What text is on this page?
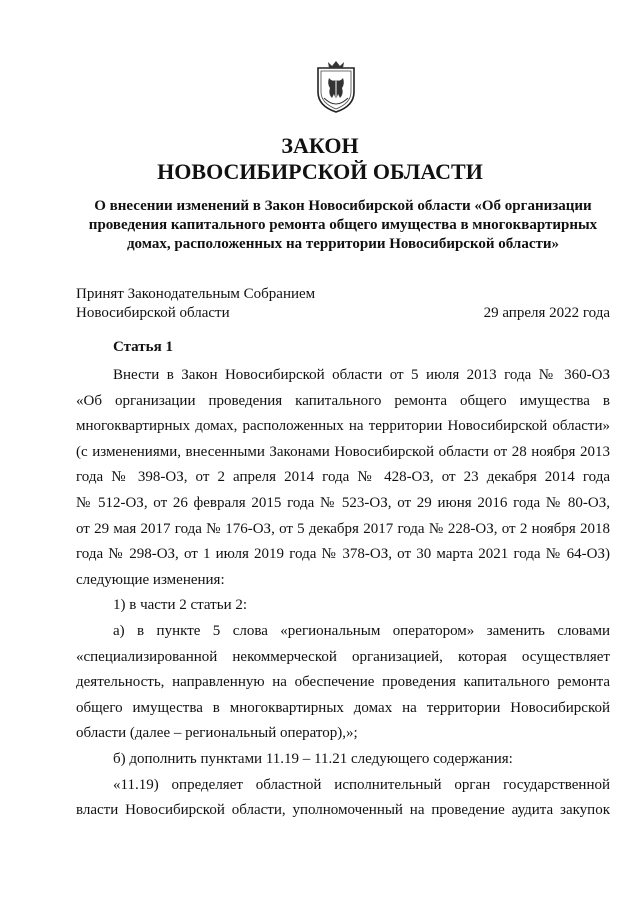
ЗАКОН
НОВОСИБИРСКОЙ ОБЛАСТИ
О внесении изменений в Закон Новосибирской области «Об организации проведения капитального ремонта общего имущества в многоквартирных домах, расположенных на территории Новосибирской области»
Принят Законодательным Собранием
Новосибирской области	29 апреля 2022 года
Статья 1

Внести в Закон Новосибирской области от 5 июля 2013 года № 360-ОЗ

«Об организации проведения капитального ремонта общего имущества в

многоквартирных домах, расположенных на территории Новосибирской области»

(с изменениями, внесенными Законами Новосибирской области от 28 ноября 2013

года № 398-ОЗ, от 2 апреля 2014 года № 428-ОЗ, от 23 декабря 2014 года

№ 512-ОЗ, от 26 февраля 2015 года № 523-ОЗ, от 29 июня 2016 года № 80-ОЗ,

от 29 мая 2017 года № 176-ОЗ, от 5 декабря 2017 года № 228-ОЗ, от 2 ноября 2018

года № 298-ОЗ, от 1 июля 2019 года № 378-ОЗ, от 30 марта 2021 года № 64-ОЗ)

следующие изменения:

1) в части 2 статьи 2:

а) в пункте 5 слова «региональным оператором» заменить словами

«специализированной некоммерческой организацией, которая осуществляет

деятельность, направленную на обеспечение проведения капитального ремонта

общего имущества в многоквартирных домах на территории Новосибирской

области (далее – региональный оператор),»;

б) дополнить пунктами 11.19 – 11.21 следующего содержания:

«11.19) определяет областной исполнительный орган государственной

власти Новосибирской области, уполномоченный на проведение аудита закупок
